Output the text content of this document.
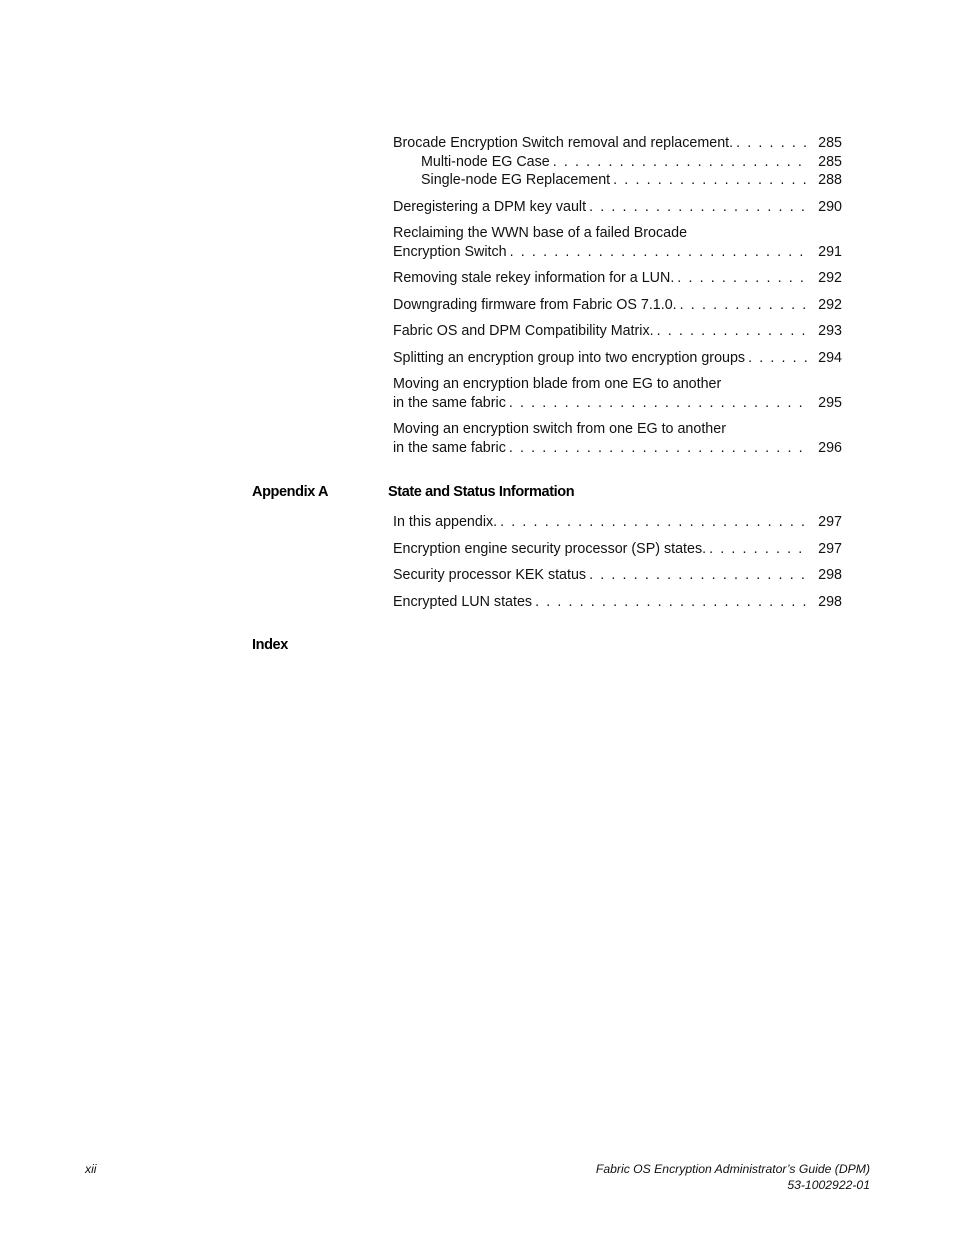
Brocade Encryption Switch removal and replacement. . . .	285
Multi-node EG Case . . .	285
Single-node EG Replacement . . .	288
Deregistering a DPM key vault . . .	290
Reclaiming the WWN base of a failed Brocade
Encryption Switch . . .	291
Removing stale rekey information for a LUN. . . .	292
Downgrading firmware from Fabric OS 7.1.0. . . .	292
Fabric OS and DPM Compatibility Matrix. . . .	293
Splitting an encryption group into two encryption groups . . .	294
Moving an encryption blade from one EG to another
in the same fabric . . .	295
Moving an encryption switch from one EG to another
in the same fabric . . .	296
Appendix A	State and Status Information
In this appendix. . . .	297
Encryption engine security processor (SP) states. . . .	297
Security processor KEK status . . .	298
Encrypted LUN states . . .	298
Index
xii	Fabric OS Encryption Administrator’s Guide (DPM)
53-1002922-01
